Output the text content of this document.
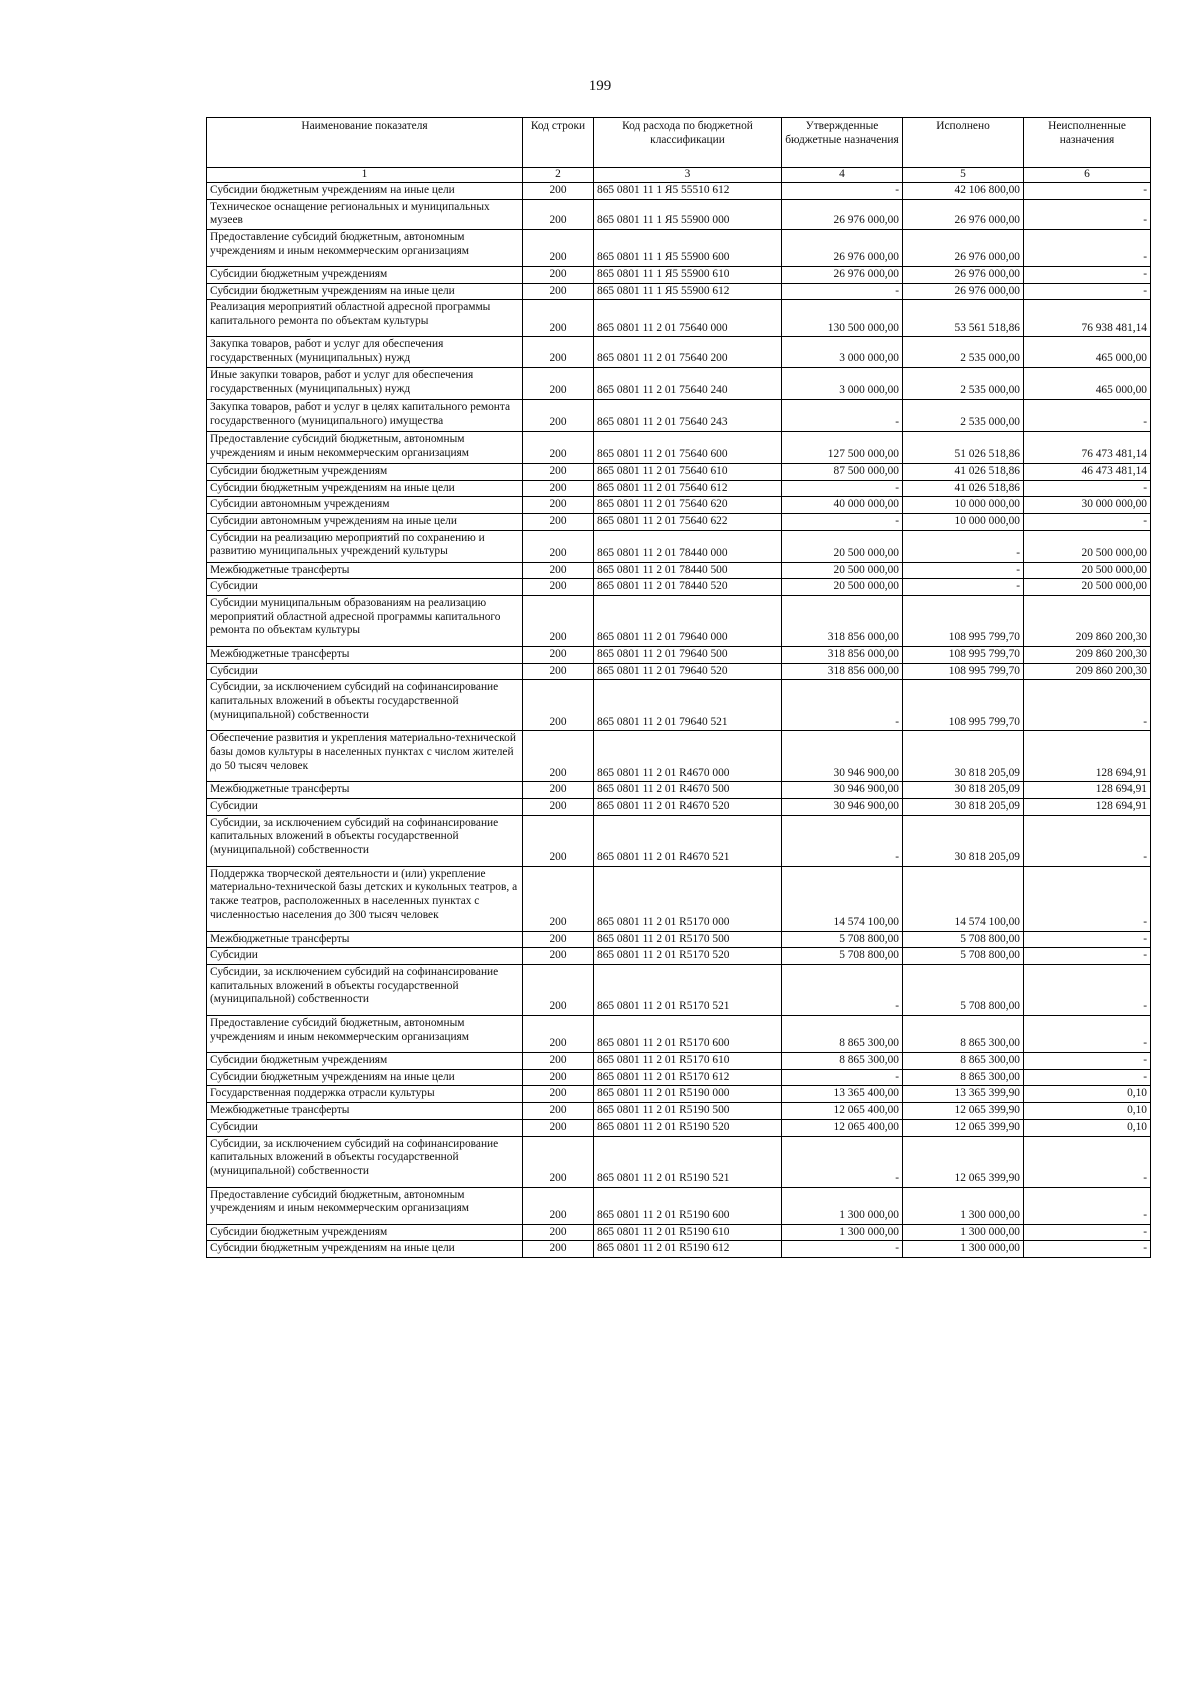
199
Наименование показателя	Код строки	Код расхода по бюджетной классификации	Утвержденные бюджетные назначения	Исполнено	Неисполненные назначения
1	2	3	4	5	6
Субсидии бюджетным учреждениям на иные цели	200	865 0801 11 1 Я5 55510 612	-	42 106 800,00	-
Техническое оснащение региональных и муниципальных музеев	200	865 0801 11 1 Я5 55900 000	26 976 000,00	26 976 000,00	-
Предоставление субсидий бюджетным, автономным учреждениям и иным некоммерческим организациям	200	865 0801 11 1 Я5 55900 600	26 976 000,00	26 976 000,00	-
Субсидии бюджетным учреждениям	200	865 0801 11 1 Я5 55900 610	26 976 000,00	26 976 000,00	-
Субсидии бюджетным учреждениям на иные цели	200	865 0801 11 1 Я5 55900 612	-	26 976 000,00	-
Реализация мероприятий областной адресной программы капитального ремонта по объектам культуры	200	865 0801 11 2 01 75640 000	130 500 000,00	53 561 518,86	76 938 481,14
Закупка товаров, работ и услуг для обеспечения государственных (муниципальных) нужд	200	865 0801 11 2 01 75640 200	3 000 000,00	2 535 000,00	465 000,00
Иные закупки товаров, работ и услуг для обеспечения государственных (муниципальных) нужд	200	865 0801 11 2 01 75640 240	3 000 000,00	2 535 000,00	465 000,00
Закупка товаров, работ и услуг в целях капитального ремонта государственного (муниципального) имущества	200	865 0801 11 2 01 75640 243	-	2 535 000,00	-
Предоставление субсидий бюджетным, автономным учреждениям и иным некоммерческим организациям	200	865 0801 11 2 01 75640 600	127 500 000,00	51 026 518,86	76 473 481,14
Субсидии бюджетным учреждениям	200	865 0801 11 2 01 75640 610	87 500 000,00	41 026 518,86	46 473 481,14
Субсидии бюджетным учреждениям на иные цели	200	865 0801 11 2 01 75640 612	-	41 026 518,86	-
Субсидии автономным учреждениям	200	865 0801 11 2 01 75640 620	40 000 000,00	10 000 000,00	30 000 000,00
Субсидии автономным учреждениям на иные цели	200	865 0801 11 2 01 75640 622	-	10 000 000,00	-
Субсидии на реализацию мероприятий по сохранению и развитию муниципальных учреждений культуры	200	865 0801 11 2 01 78440 000	20 500 000,00	-	20 500 000,00
Межбюджетные трансферты	200	865 0801 11 2 01 78440 500	20 500 000,00	-	20 500 000,00
Субсидии	200	865 0801 11 2 01 78440 520	20 500 000,00	-	20 500 000,00
Субсидии муниципальным образованиям на реализацию мероприятий областной адресной программы капитального ремонта по объектам культуры	200	865 0801 11 2 01 79640 000	318 856 000,00	108 995 799,70	209 860 200,30
Межбюджетные трансферты	200	865 0801 11 2 01 79640 500	318 856 000,00	108 995 799,70	209 860 200,30
Субсидии	200	865 0801 11 2 01 79640 520	318 856 000,00	108 995 799,70	209 860 200,30
Субсидии, за исключением субсидий на софинансирование капитальных вложений в объекты государственной (муниципальной) собственности	200	865 0801 11 2 01 79640 521	-	108 995 799,70	-
Обеспечение развития и укрепления материально-технической базы домов культуры в населенных пунктах с числом жителей до 50 тысяч человек	200	865 0801 11 2 01 R4670 000	30 946 900,00	30 818 205,09	128 694,91
Межбюджетные трансферты	200	865 0801 11 2 01 R4670 500	30 946 900,00	30 818 205,09	128 694,91
Субсидии	200	865 0801 11 2 01 R4670 520	30 946 900,00	30 818 205,09	128 694,91
Субсидии, за исключением субсидий на софинансирование капитальных вложений в объекты государственной (муниципальной) собственности	200	865 0801 11 2 01 R4670 521	-	30 818 205,09	-
Поддержка творческой деятельности и (или) укрепление материально-технической базы детских и кукольных театров, а также театров, расположенных в населенных пунктах с численностью населения до 300 тысяч человек	200	865 0801 11 2 01 R5170 000	14 574 100,00	14 574 100,00	-
Межбюджетные трансферты	200	865 0801 11 2 01 R5170 500	5 708 800,00	5 708 800,00	-
Субсидии	200	865 0801 11 2 01 R5170 520	5 708 800,00	5 708 800,00	-
Субсидии, за исключением субсидий на софинансирование капитальных вложений в объекты государственной (муниципальной) собственности	200	865 0801 11 2 01 R5170 521	-	5 708 800,00	-
Предоставление субсидий бюджетным, автономным учреждениям и иным некоммерческим организациям	200	865 0801 11 2 01 R5170 600	8 865 300,00	8 865 300,00	-
Субсидии бюджетным учреждениям	200	865 0801 11 2 01 R5170 610	8 865 300,00	8 865 300,00	-
Субсидии бюджетным учреждениям на иные цели	200	865 0801 11 2 01 R5170 612	-	8 865 300,00	-
Государственная поддержка отрасли культуры	200	865 0801 11 2 01 R5190 000	13 365 400,00	13 365 399,90	0,10
Межбюджетные трансферты	200	865 0801 11 2 01 R5190 500	12 065 400,00	12 065 399,90	0,10
Субсидии	200	865 0801 11 2 01 R5190 520	12 065 400,00	12 065 399,90	0,10
Субсидии, за исключением субсидий на софинансирование капитальных вложений в объекты государственной (муниципальной) собственности	200	865 0801 11 2 01 R5190 521	-	12 065 399,90	-
Предоставление субсидий бюджетным, автономным учреждениям и иным некоммерческим организациям	200	865 0801 11 2 01 R5190 600	1 300 000,00	1 300 000,00	-
Субсидии бюджетным учреждениям	200	865 0801 11 2 01 R5190 610	1 300 000,00	1 300 000,00	-
Субсидии бюджетным учреждениям на иные цели	200	865 0801 11 2 01 R5190 612	-	1 300 000,00	-
